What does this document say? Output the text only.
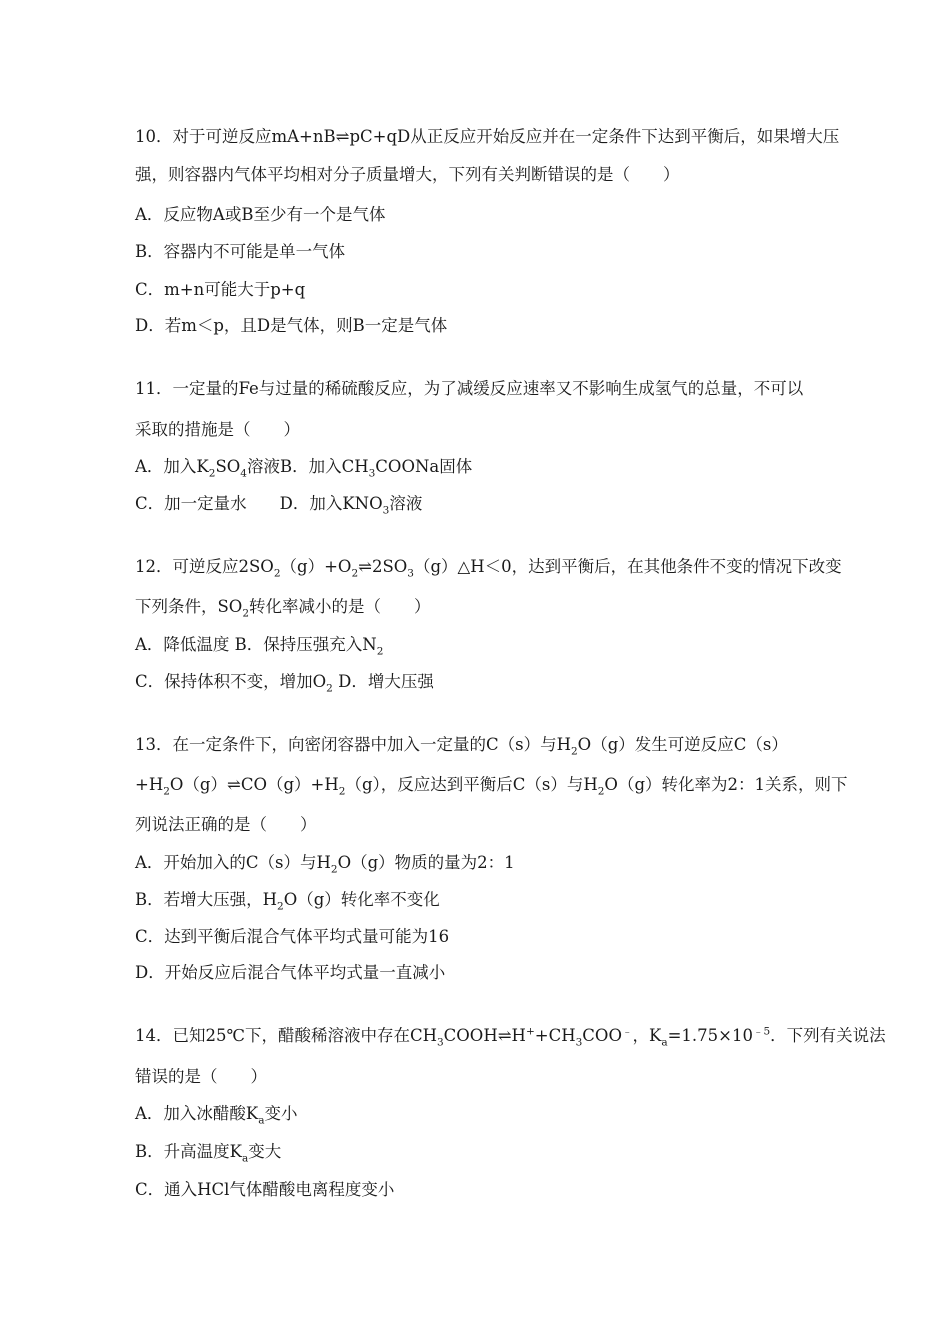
10．对于可逆反应mA+nB⇌pC+qD从正反应开始反应并在一定条件下达到平衡后，如果增大压
强，则容器内气体平均相对分子质量增大，下列有关判断错误的是（　　）
A．反应物A或B至少有一个是气体
B．容器内不可能是单一气体
C．m+n可能大于p+q
D．若m＜p，且D是气体，则B一定是气体
11．一定量的Fe与过量的稀硫酸反应，为了减缓反应速率又不影响生成氢气的总量，不可以
采取的措施是（　　）
A．加入$K_2SO_4$溶液B．加入$CH_3COONa$固体
C．加一定量水　　D．加入$KNO_3$溶液
12．可逆反应$2SO_2(g)+O_2\rightleftharpoons 2SO_3(g)\triangle H<0$，达到平衡后，在其他条件不变的情况下改变
下列条件，$SO_2$转化率减小的是（　　）
A．降低温度 B．保持压强充入$N_2$
C．保持体积不变，增加$O_2$ D．增大压强
13．在一定条件下，向密闭容器中加入一定量的C（s）与$H_2O(g)$发生可逆反应C（s）
$+H_2O(g)\rightleftharpoons CO(g)+H_2(g)$，反应达到平衡后C（s）与$H_2O(g)$转化率为2：1关系，则下
列说法正确的是（　　）
A．开始加入的C（s）与$H_2O(g)$物质的量为2：1
B．若增大压强，$H_2O(g)$转化率不变化
C．达到平衡后混合气体平均式量可能为16
D．开始反应后混合气体平均式量一直减小
14．已知25℃下，醋酸稀溶液中存在$CH_3COOH\rightleftharpoons H^++CH_3COO^﹣$，$K_a=1.75\times 10^{﹣5}$．下列有关说法
错误的是（　　）
A．加入冰醋酸$K_a$变小
B．升高温度$K_a$变大
C．通入HCl气体醋酸电离程度变小
